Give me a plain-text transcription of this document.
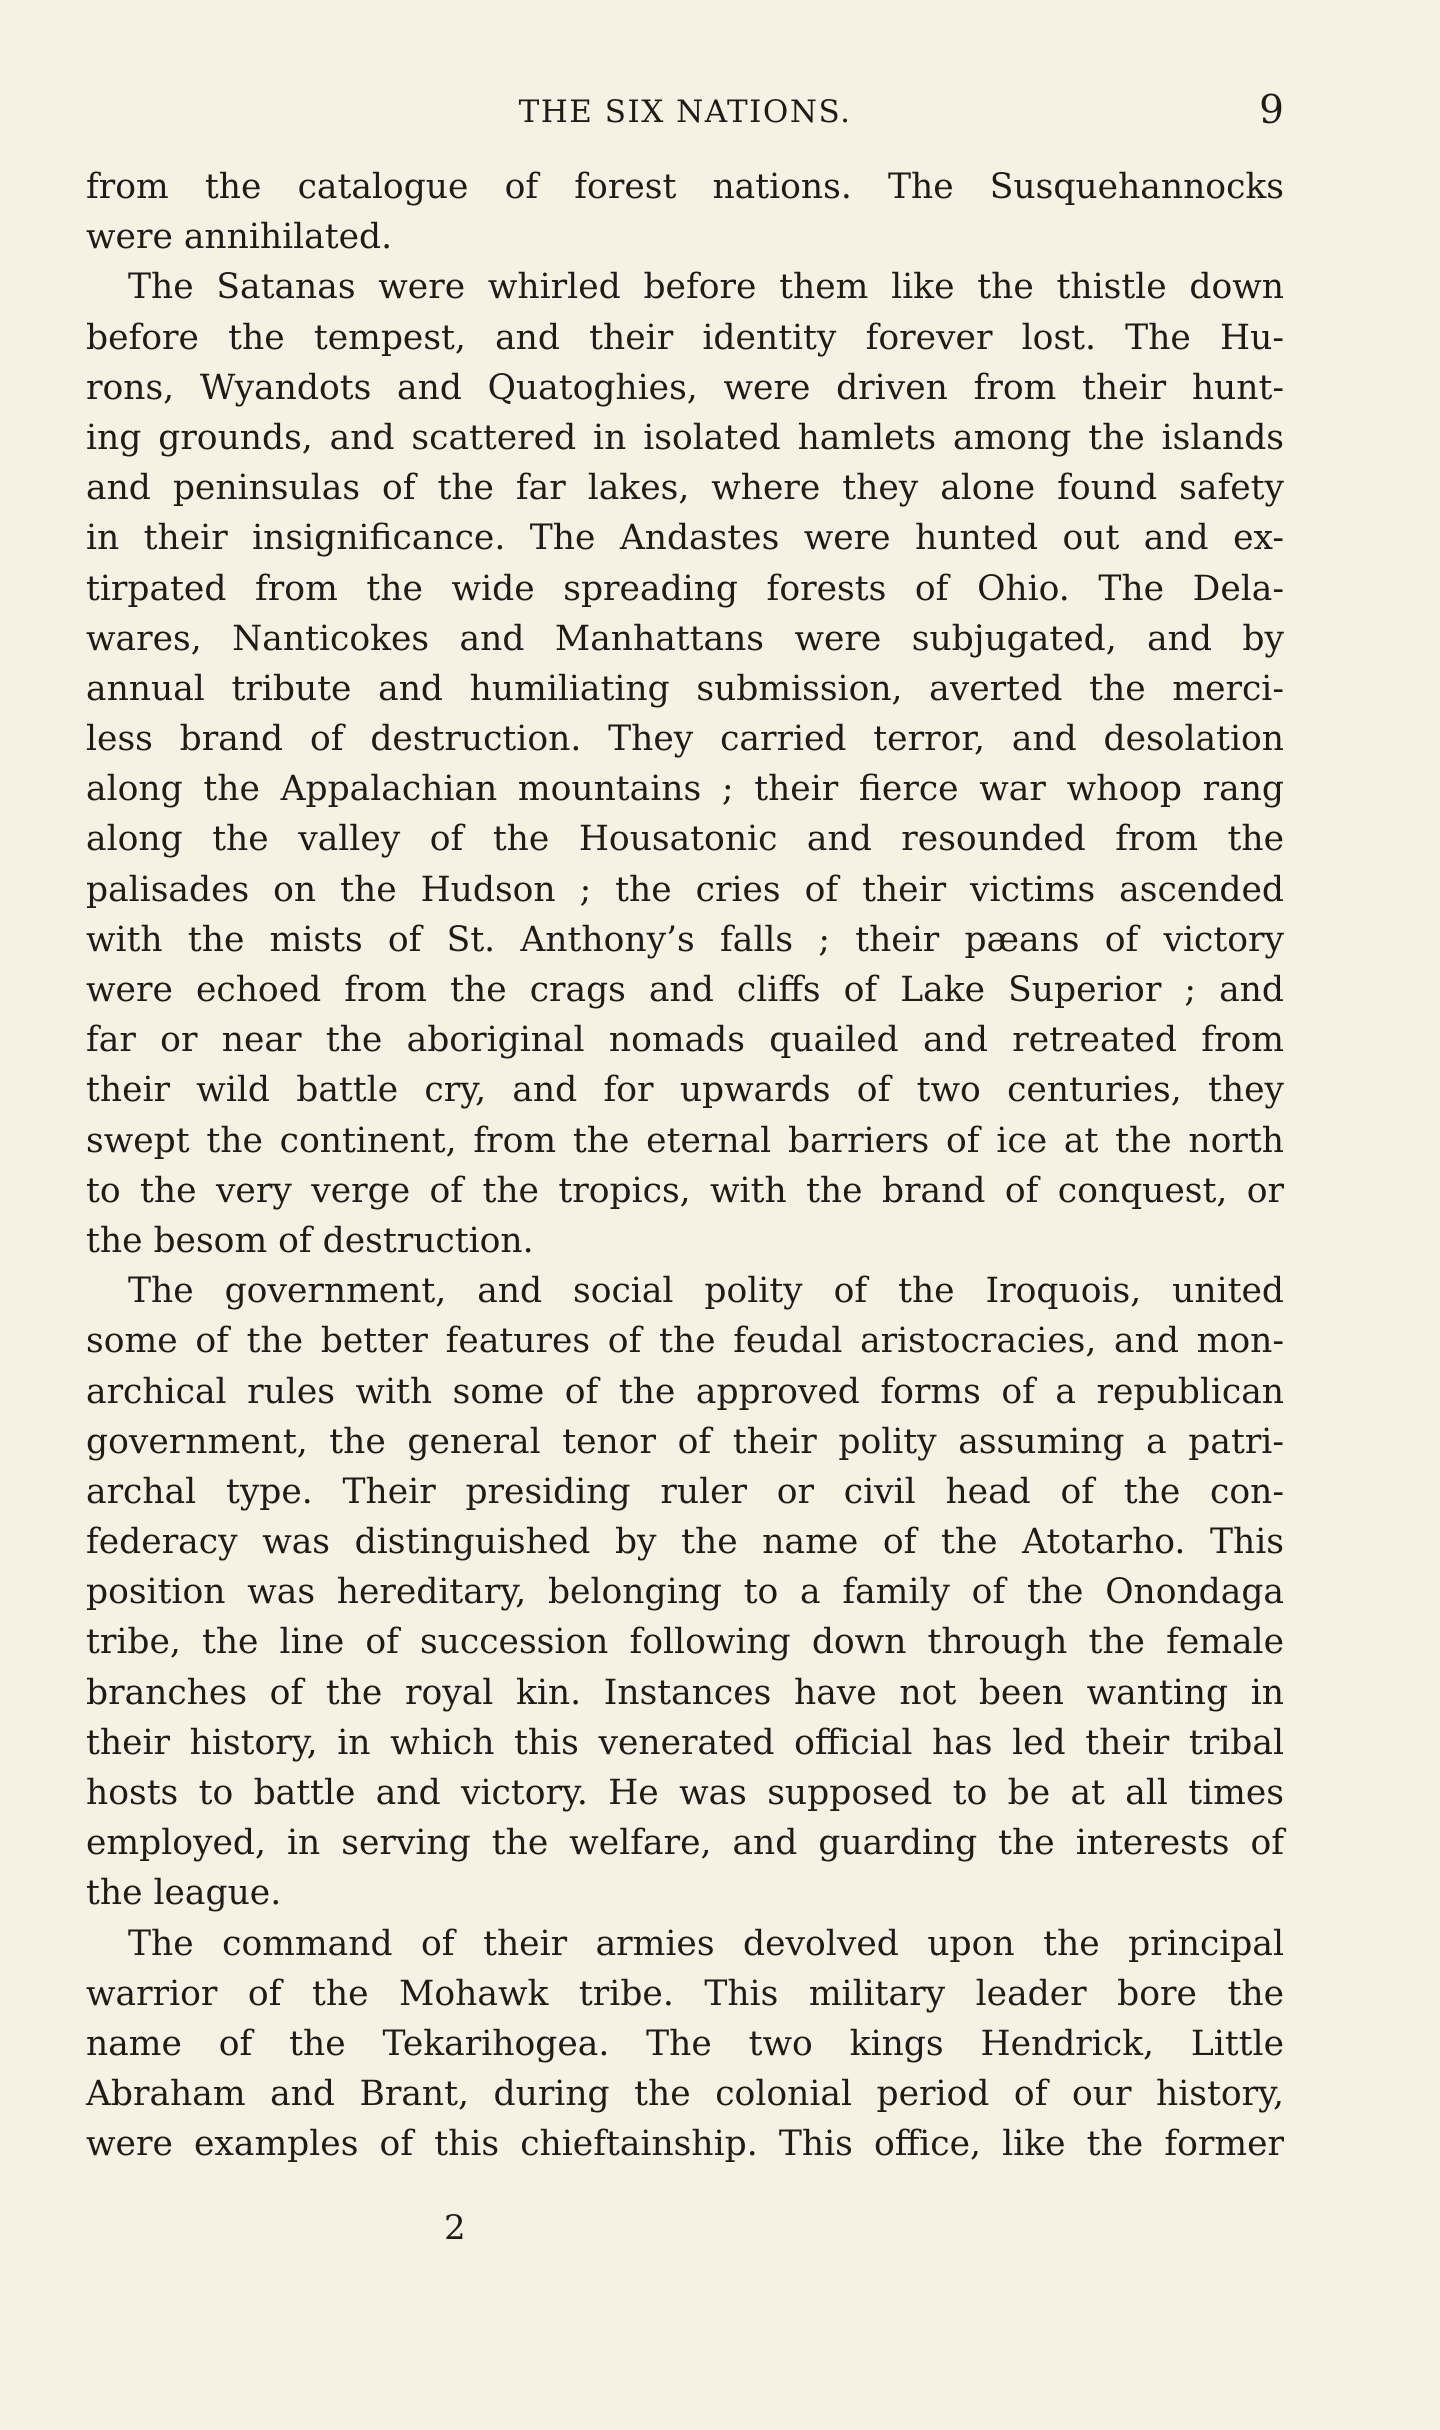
THE SIX NATIONS.	9
from the catalogue of forest nations. The Susquehannocks
were annihilated.
The Satanas were whirled before them like the thistle down
before the tempest, and their identity forever lost. The Hu-
rons, Wyandots and Quatoghies, were driven from their hunt-
ing grounds, and scattered in isolated hamlets among the islands
and peninsulas of the far lakes, where they alone found safety
in their insignificance. The Andastes were hunted out and ex-
tirpated from the wide spreading forests of Ohio. The Dela-
wares, Nanticokes and Manhattans were subjugated, and by
annual tribute and humiliating submission, averted the merci-
less brand of destruction. They carried terror, and desolation
along the Appalachian mountains ; their fierce war whoop rang
along the valley of the Housatonic and resounded from the
palisades on the Hudson ; the cries of their victims ascended
with the mists of St. Anthony’s falls ; their pæans of victory
were echoed from the crags and cliffs of Lake Superior ; and
far or near the aboriginal nomads quailed and retreated from
their wild battle cry, and for upwards of two centuries, they
swept the continent, from the eternal barriers of ice at the north
to the very verge of the tropics, with the brand of conquest, or
the besom of destruction.
The government, and social polity of the Iroquois, united
some of the better features of the feudal aristocracies, and mon-
archical rules with some of the approved forms of a republican
government, the general tenor of their polity assuming a patri-
archal type. Their presiding ruler or civil head of the con-
federacy was distinguished by the name of the Atotarho. This
position was hereditary, belonging to a family of the Onondaga
tribe, the line of succession following down through the female
branches of the royal kin. Instances have not been wanting in
their history, in which this venerated official has led their tribal
hosts to battle and victory. He was supposed to be at all times
employed, in serving the welfare, and guarding the interests of
the league.
The command of their armies devolved upon the principal
warrior of the Mohawk tribe. This military leader bore the
name of the Tekarihogea. The two kings Hendrick, Little
Abraham and Brant, during the colonial period of our history,
were examples of this chieftainship. This office, like the former
2
